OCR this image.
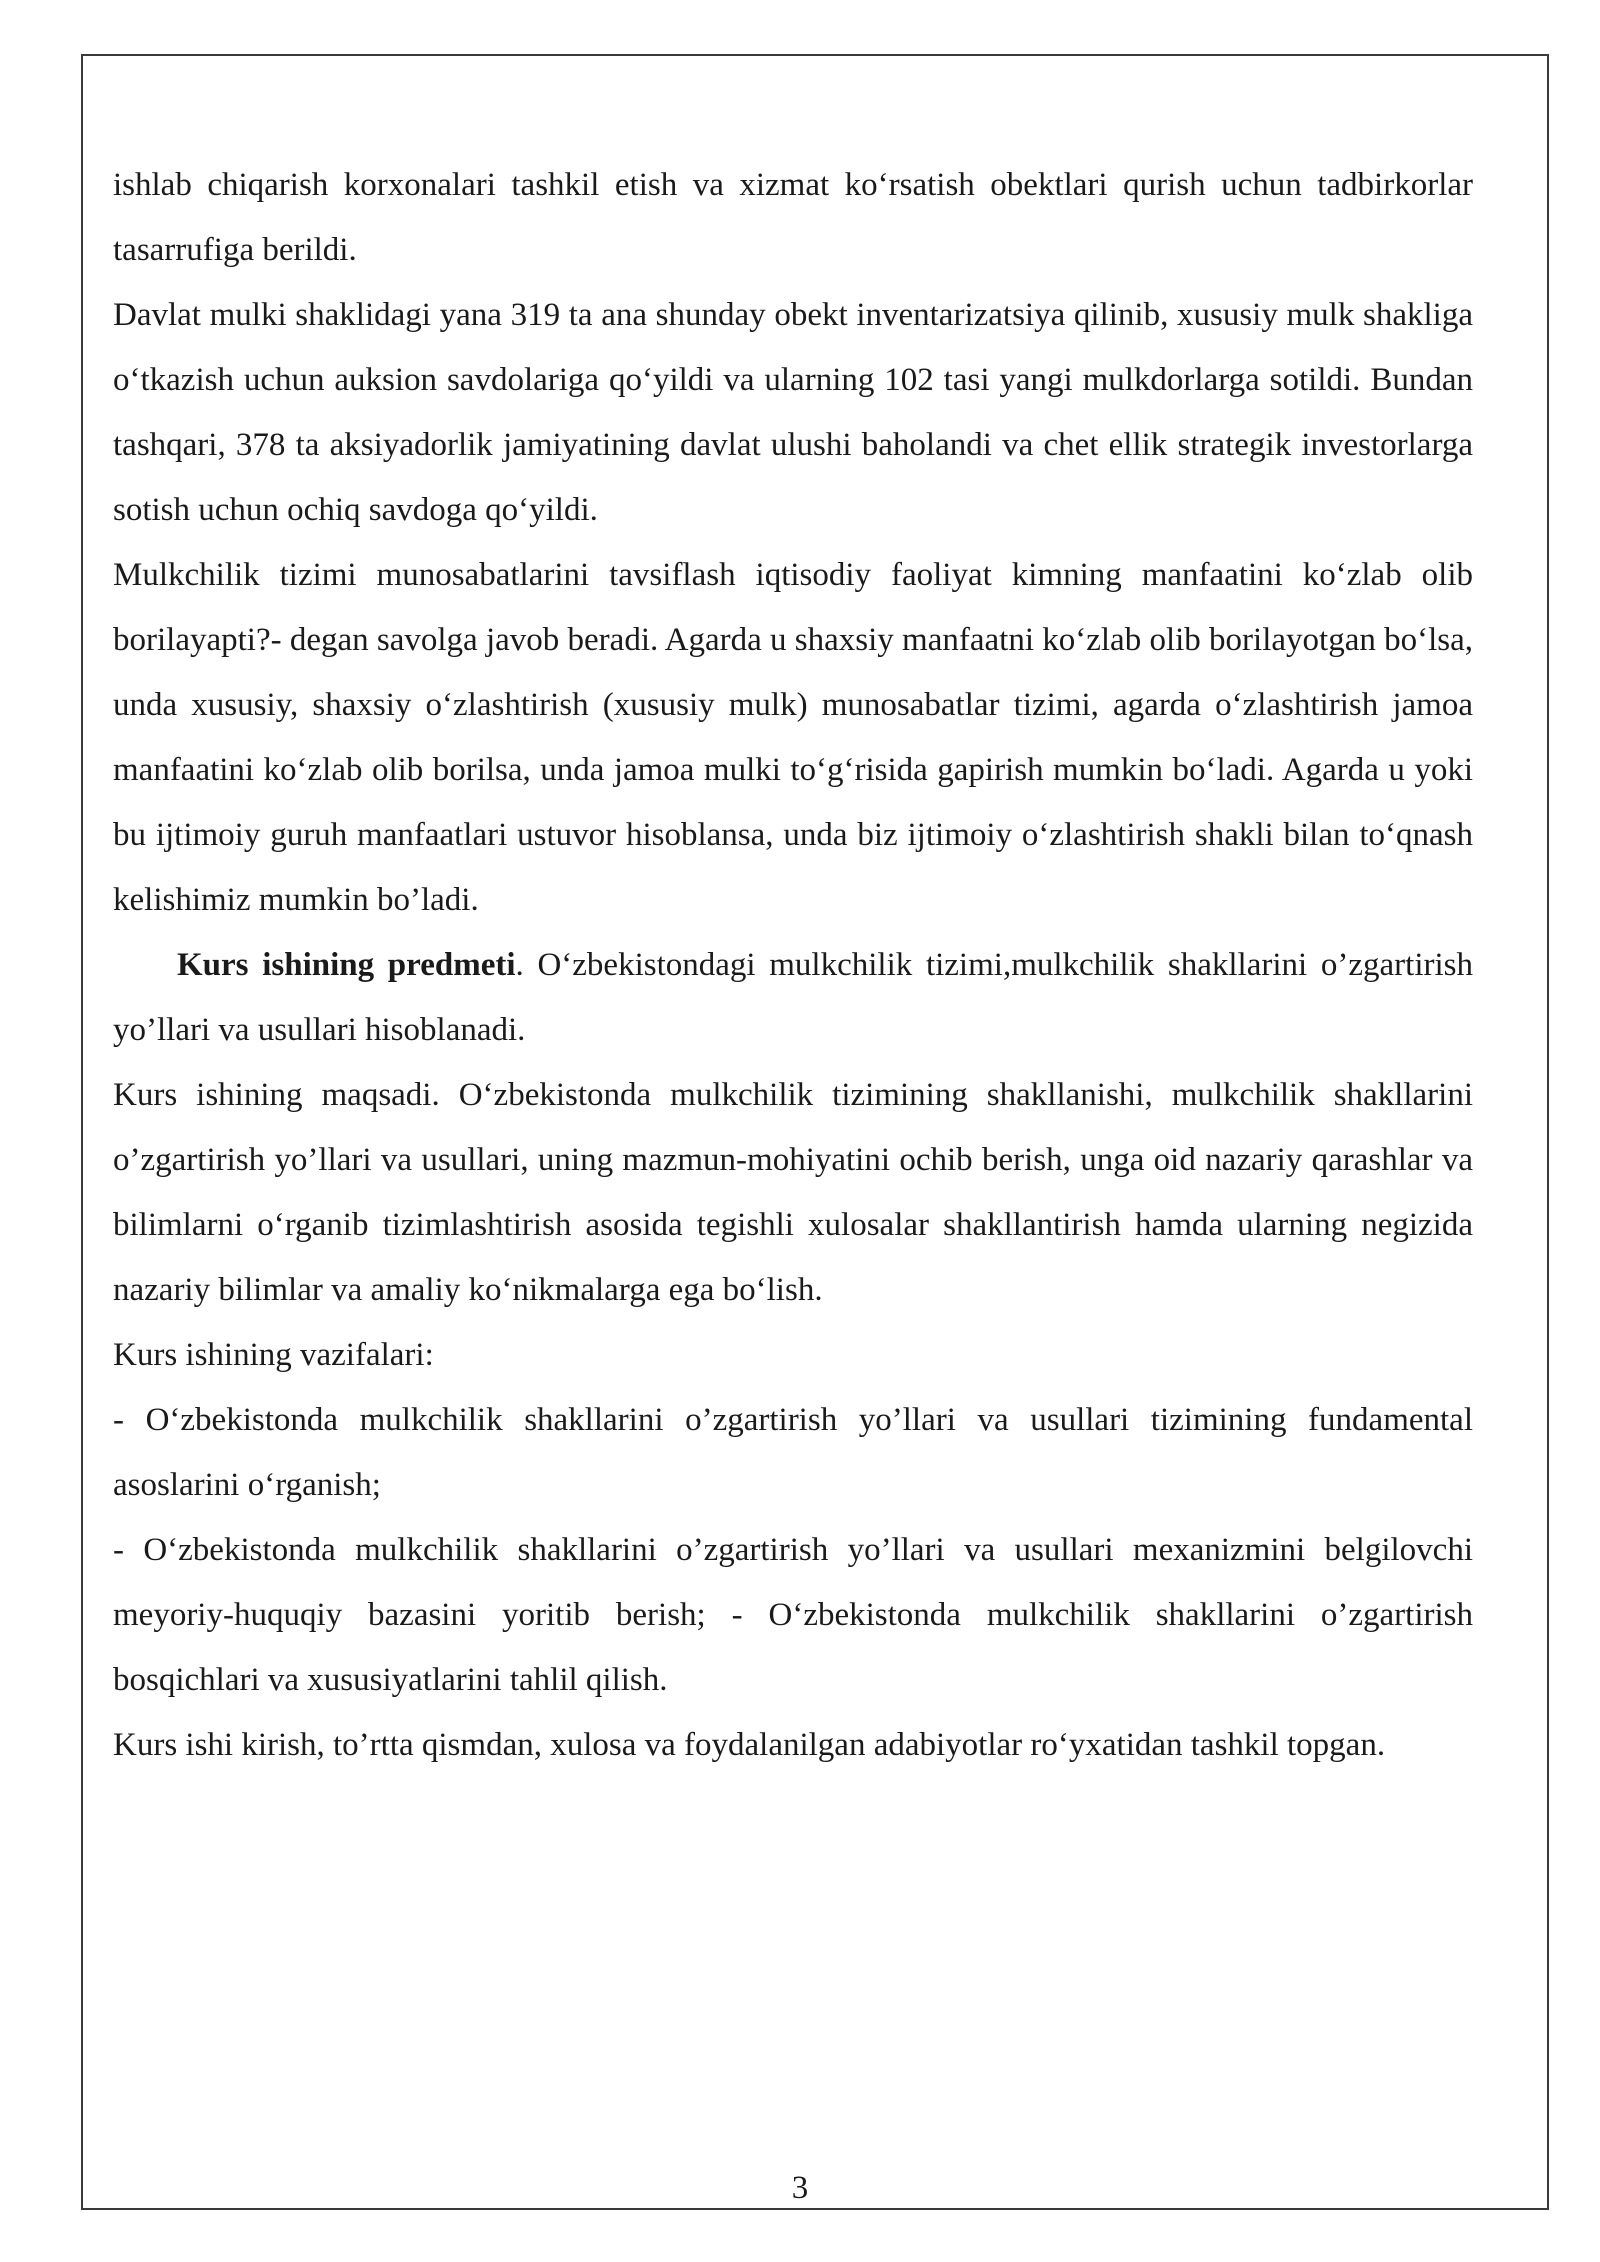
ishlab chiqarish korxonalari tashkil etish va xizmat ko‘rsatish obektlari qurish uchun tadbirkorlar tasarrufiga berildi.

Davlat mulki shaklidagi yana 319 ta ana shunday obekt inventarizatsiya qilinib, xususiy mulk shakliga o‘tkazish uchun auksion savdolariga qo‘yildi va ularning 102 tasi yangi mulkdorlarga sotildi. Bundan tashqari, 378 ta aksiyadorlik jamiyatining davlat ulushi baholandi va chet ellik strategik investorlarga sotish uchun ochiq savdoga qo‘yildi.

Mulkchilik tizimi munosabatlarini tavsiflash iqtisodiy faoliyat kimning manfaatini ko‘zlab olib borilayapti?- degan savolga javob beradi. Agarda u shaxsiy manfaatni ko‘zlab olib borilayotgan bo‘lsa, unda xususiy, shaxsiy o‘zlashtirish (xususiy mulk) munosabatlar tizimi, agarda o‘zlashtirish jamoa manfaatini ko‘zlab olib borilsa, unda jamoa mulki to‘g‘risida gapirish mumkin bo‘ladi. Agarda u yoki bu ijtimoiy guruh manfaatlari ustuvor hisoblansa, unda biz ijtimoiy o‘zlashtirish shakli bilan to‘qnash kelishimiz mumkin bo’ladi.

Kurs ishining predmeti. O‘zbekistondagi mulkchilik tizimi,mulkchilik shakllarini o’zgartirish yo’llari va usullari hisoblanadi.

Kurs ishining maqsadi. O‘zbekistonda mulkchilik tizimining shakllanishi, mulkchilik shakllarini o’zgartirish yo’llari va usullari, uning mazmun-mohiyatini ochib berish, unga oid nazariy qarashlar va bilimlarni o‘rganib tizimlashtirish asosida tegishli xulosalar shakllantirish hamda ularning negizida nazariy bilimlar va amaliy ko‘nikmalarga ega bo‘lish.

Kurs ishining vazifalari:

- O‘zbekistonda mulkchilik shakllarini o’zgartirish yo’llari va usullari tizimining fundamental asoslarini o‘rganish;

- O‘zbekistonda mulkchilik shakllarini o’zgartirish yo’llari va usullari mexanizmini belgilovchi meyoriy-huquqiy bazasini yoritib berish; - O‘zbekistonda mulkchilik shakllarini o’zgartirish bosqichlari va xususiyatlarini tahlil qilish.

Kurs ishi kirish, to’rtta qismdan, xulosa va foydalanilgan adabiyotlar ro‘yxatidan tashkil topgan.

3
